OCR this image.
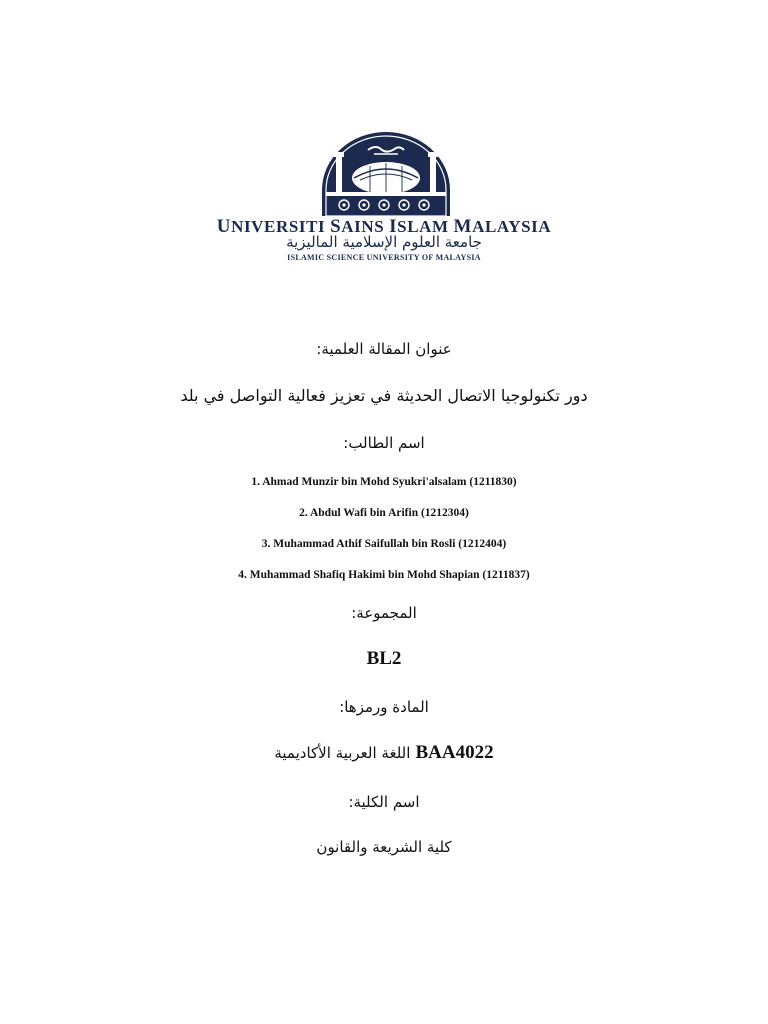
UNIVERSITI SAINS ISLAM MALAYSIA
جامعة العلوم الإسلامية الماليزية
ISLAMIC SCIENCE UNIVERSITY OF MALAYSIA
عنوان المقالة العلمية:
دور تكنولوجيا الاتصال الحديثة في تعزيز فعالية التواصل في بلد
اسم الطالب:
1. Ahmad Munzir bin Mohd Syukri'alsalam (1211830)
2. Abdul Wafi bin Arifin (1212304)
3. Muhammad Athif Saifullah bin Rosli (1212404)
4. Muhammad Shafiq Hakimi bin Mohd Shapian (1211837)
المجموعة:
BL2
المادة ورمزها:
BAA4022 اللغة العربية الأكاديمية
اسم الكلية:
كلية الشريعة والقانون
